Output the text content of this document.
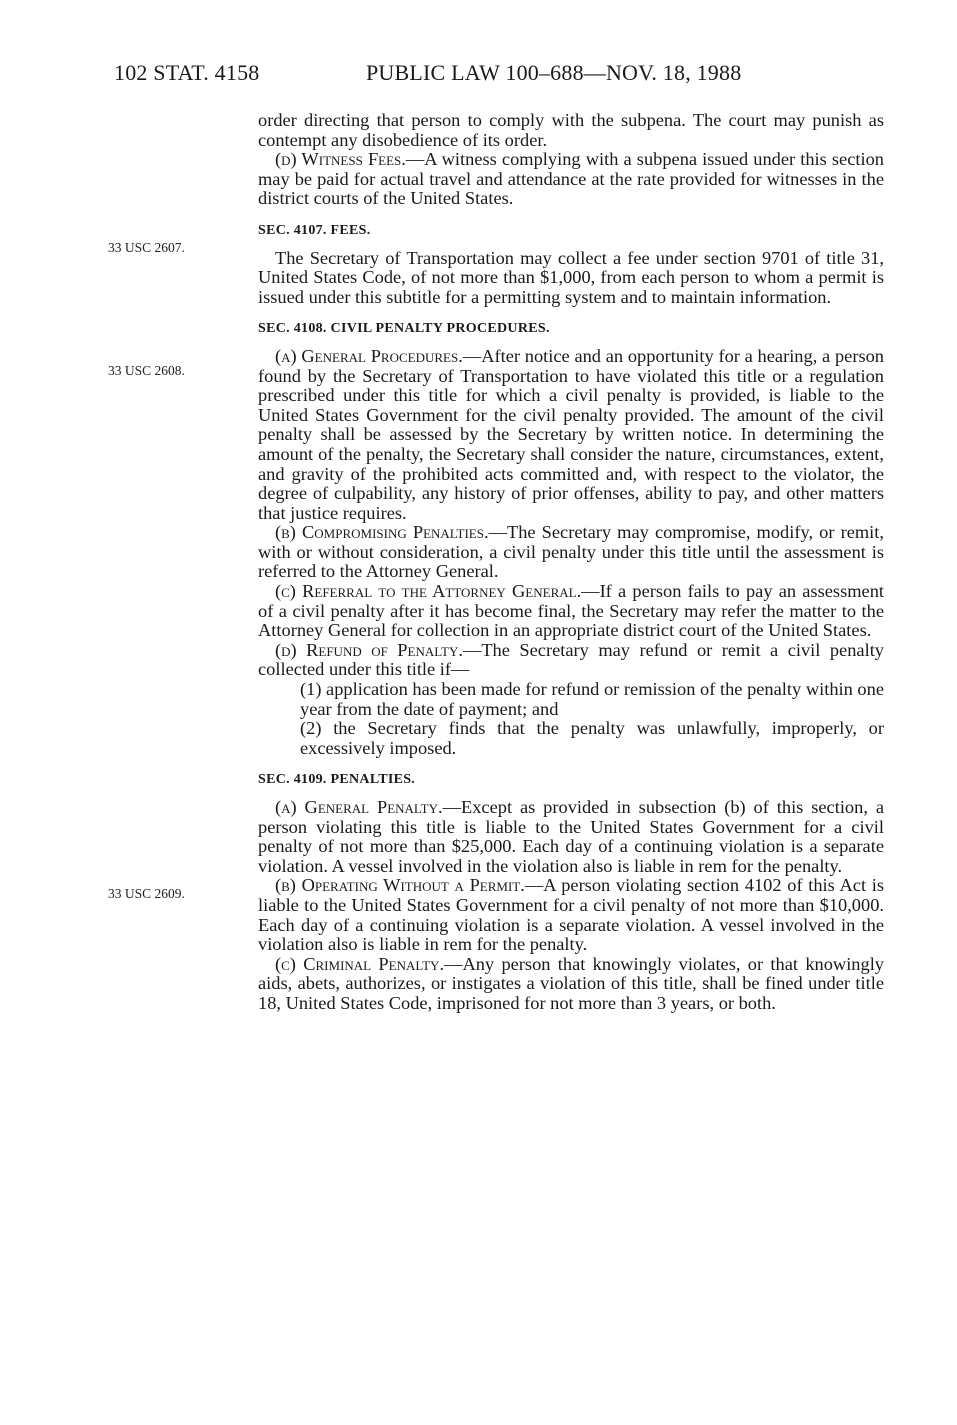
102 STAT. 4158	PUBLIC LAW 100–688—NOV. 18, 1988
33 USC 2607.
33 USC 2608.
33 USC 2609.

order directing that person to comply with the subpena. The court may punish as contempt any disobedience of its order.

(d) Witness Fees.—A witness complying with a subpena issued under this section may be paid for actual travel and attendance at the rate provided for witnesses in the district courts of the United States.

SEC. 4107. FEES.

The Secretary of Transportation may collect a fee under section 9701 of title 31, United States Code, of not more than $1,000, from each person to whom a permit is issued under this subtitle for a permitting system and to maintain information.

SEC. 4108. CIVIL PENALTY PROCEDURES.

(a) General Procedures.—After notice and an opportunity for a hearing, a person found by the Secretary of Transportation to have violated this title or a regulation prescribed under this title for which a civil penalty is provided, is liable to the United States Government for the civil penalty provided. The amount of the civil penalty shall be assessed by the Secretary by written notice. In determining the amount of the penalty, the Secretary shall consider the nature, circumstances, extent, and gravity of the prohibited acts committed and, with respect to the violator, the degree of culpability, any history of prior offenses, ability to pay, and other matters that justice requires.

(b) Compromising Penalties.—The Secretary may compromise, modify, or remit, with or without consideration, a civil penalty under this title until the assessment is referred to the Attorney General.

(c) Referral to the Attorney General.—If a person fails to pay an assessment of a civil penalty after it has become final, the Secretary may refer the matter to the Attorney General for collection in an appropriate district court of the United States.

(d) Refund of Penalty.—The Secretary may refund or remit a civil penalty collected under this title if—

(1) application has been made for refund or remission of the penalty within one year from the date of payment; and

(2) the Secretary finds that the penalty was unlawfully, improperly, or excessively imposed.

SEC. 4109. PENALTIES.

(a) General Penalty.—Except as provided in subsection (b) of this section, a person violating this title is liable to the United States Government for a civil penalty of not more than $25,000. Each day of a continuing violation is a separate violation. A vessel involved in the violation also is liable in rem for the penalty.

(b) Operating Without a Permit.—A person violating section 4102 of this Act is liable to the United States Government for a civil penalty of not more than $10,000. Each day of a continuing violation is a separate violation. A vessel involved in the violation also is liable in rem for the penalty.

(c) Criminal Penalty.—Any person that knowingly violates, or that knowingly aids, abets, authorizes, or instigates a violation of this title, shall be fined under title 18, United States Code, imprisoned for not more than 3 years, or both.
